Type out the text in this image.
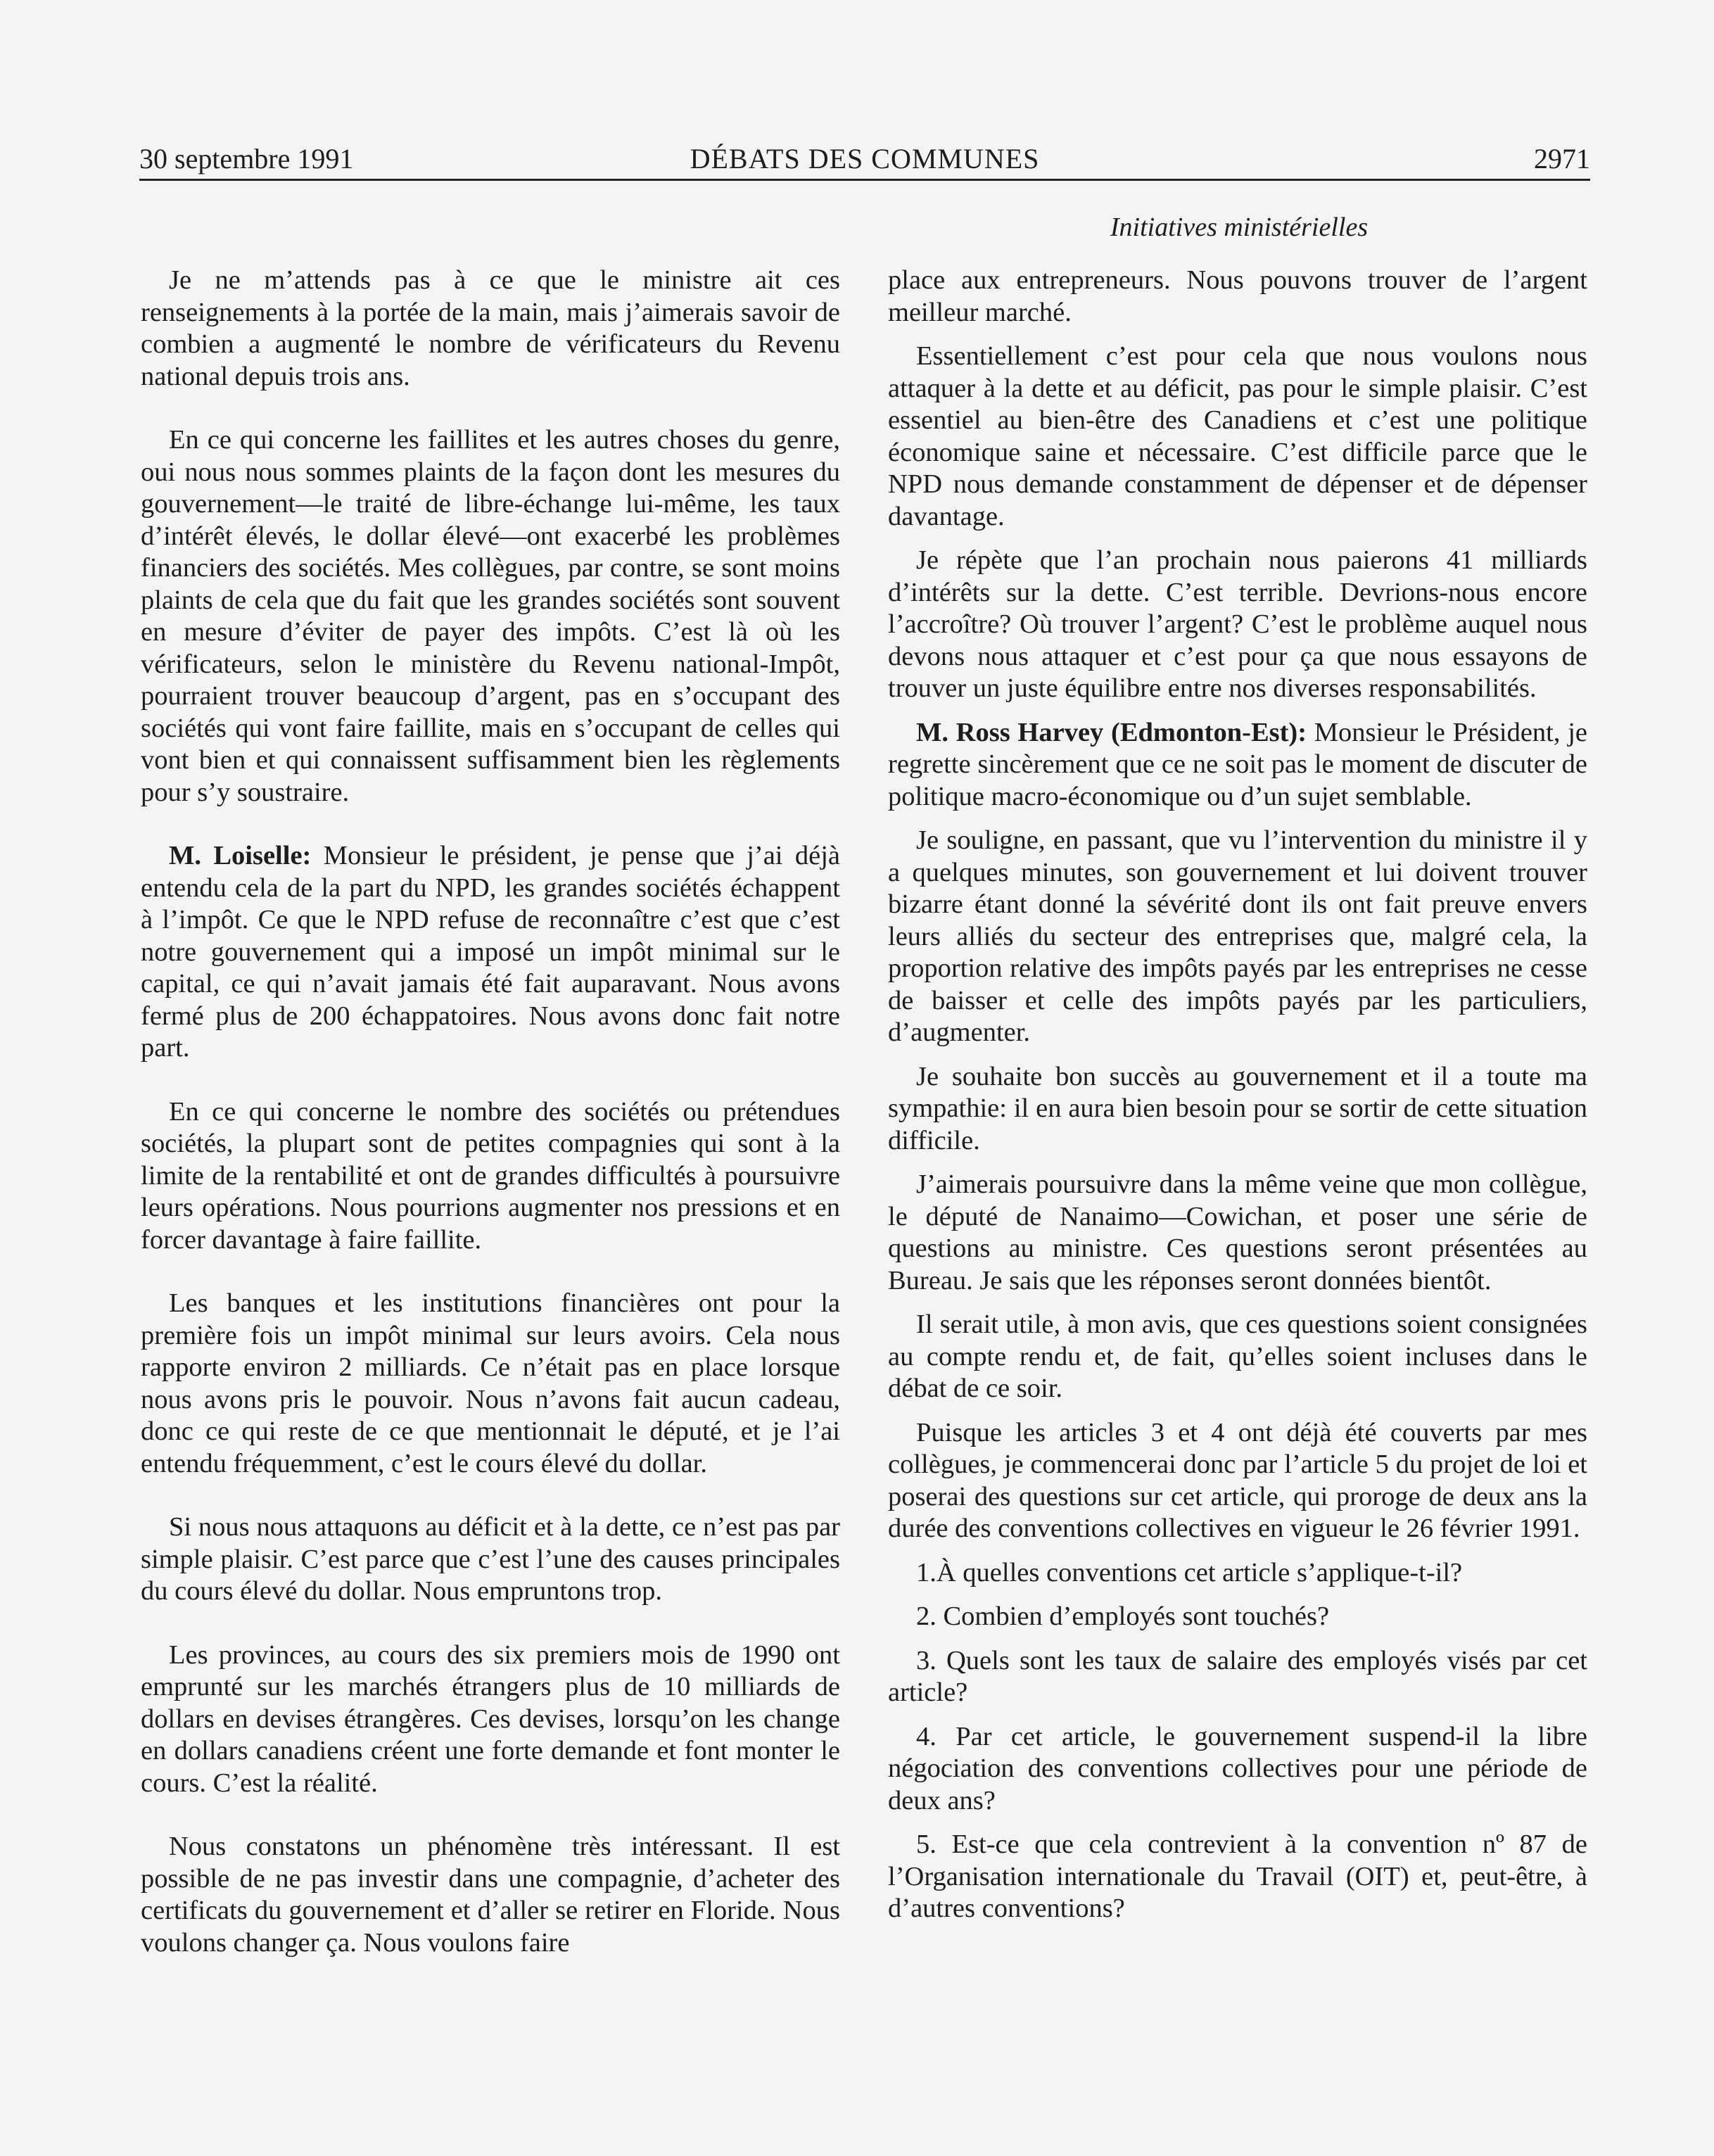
30 septembre 1991	DÉBATS DES COMMUNES	2971
Initiatives ministérielles

Je ne m’attends pas à ce que le ministre ait ces renseignements à la portée de la main, mais j’aimerais savoir de combien a augmenté le nombre de vérificateurs du Revenu national depuis trois ans.

En ce qui concerne les faillites et les autres choses du genre, oui nous nous sommes plaints de la façon dont les mesures du gouvernement—le traité de libre-échange lui-même, les taux d’intérêt élevés, le dollar élevé—ont exacerbé les problèmes financiers des sociétés. Mes collègues, par contre, se sont moins plaints de cela que du fait que les grandes sociétés sont souvent en mesure d’éviter de payer des impôts. C’est là où les vérificateurs, selon le ministère du Revenu national-Impôt, pourraient trouver beaucoup d’argent, pas en s’occupant des sociétés qui vont faire faillite, mais en s’occupant de celles qui vont bien et qui connaissent suffisamment bien les règlements pour s’y soustraire.

M. Loiselle: Monsieur le président, je pense que j’ai déjà entendu cela de la part du NPD, les grandes sociétés échappent à l’impôt. Ce que le NPD refuse de reconnaître c’est que c’est notre gouvernement qui a imposé un impôt minimal sur le capital, ce qui n’avait jamais été fait auparavant. Nous avons fermé plus de 200 échappatoires. Nous avons donc fait notre part.

En ce qui concerne le nombre des sociétés ou prétendues sociétés, la plupart sont de petites compagnies qui sont à la limite de la rentabilité et ont de grandes difficultés à poursuivre leurs opérations. Nous pourrions augmenter nos pressions et en forcer davantage à faire faillite.

Les banques et les institutions financières ont pour la première fois un impôt minimal sur leurs avoirs. Cela nous rapporte environ 2 milliards. Ce n’était pas en place lorsque nous avons pris le pouvoir. Nous n’avons fait aucun cadeau, donc ce qui reste de ce que mentionnait le député, et je l’ai entendu fréquemment, c’est le cours élevé du dollar.

Si nous nous attaquons au déficit et à la dette, ce n’est pas par simple plaisir. C’est parce que c’est l’une des causes principales du cours élevé du dollar. Nous empruntons trop.

Les provinces, au cours des six premiers mois de 1990 ont emprunté sur les marchés étrangers plus de 10 milliards de dollars en devises étrangères. Ces devises, lorsqu’on les change en dollars canadiens créent une forte demande et font monter le cours. C’est la réalité.

Nous constatons un phénomène très intéressant. Il est possible de ne pas investir dans une compagnie, d’acheter des certificats du gouvernement et d’aller se retirer en Floride. Nous voulons changer ça. Nous voulons faire

place aux entrepreneurs. Nous pouvons trouver de l’argent meilleur marché.

Essentiellement c’est pour cela que nous voulons nous attaquer à la dette et au déficit, pas pour le simple plaisir. C’est essentiel au bien-être des Canadiens et c’est une politique économique saine et nécessaire. C’est difficile parce que le NPD nous demande constamment de dépenser et de dépenser davantage.

Je répète que l’an prochain nous paierons 41 milliards d’intérêts sur la dette. C’est terrible. Devrions-nous encore l’accroître? Où trouver l’argent? C’est le problème auquel nous devons nous attaquer et c’est pour ça que nous essayons de trouver un juste équilibre entre nos diverses responsabilités.

M. Ross Harvey (Edmonton-Est): Monsieur le Président, je regrette sincèrement que ce ne soit pas le moment de discuter de politique macro-économique ou d’un sujet semblable.

Je souligne, en passant, que vu l’intervention du ministre il y a quelques minutes, son gouvernement et lui doivent trouver bizarre étant donné la sévérité dont ils ont fait preuve envers leurs alliés du secteur des entreprises que, malgré cela, la proportion relative des impôts payés par les entreprises ne cesse de baisser et celle des impôts payés par les particuliers, d’augmenter.

Je souhaite bon succès au gouvernement et il a toute ma sympathie: il en aura bien besoin pour se sortir de cette situation difficile.

J’aimerais poursuivre dans la même veine que mon collègue, le député de Nanaimo—Cowichan, et poser une série de questions au ministre. Ces questions seront présentées au Bureau. Je sais que les réponses seront données bientôt.

Il serait utile, à mon avis, que ces questions soient consignées au compte rendu et, de fait, qu’elles soient incluses dans le débat de ce soir.

Puisque les articles 3 et 4 ont déjà été couverts par mes collègues, je commencerai donc par l’article 5 du projet de loi et poserai des questions sur cet article, qui proroge de deux ans la durée des conventions collectives en vigueur le 26 février 1991.

1.À quelles conventions cet article s’applique-t-il?

2. Combien d’employés sont touchés?

3. Quels sont les taux de salaire des employés visés par cet article?

4. Par cet article, le gouvernement suspend-il la libre négociation des conventions collectives pour une période de deux ans?

5. Est-ce que cela contrevient à la convention nº 87 de l’Organisation internationale du Travail (OIT) et, peut-être, à d’autres conventions?
